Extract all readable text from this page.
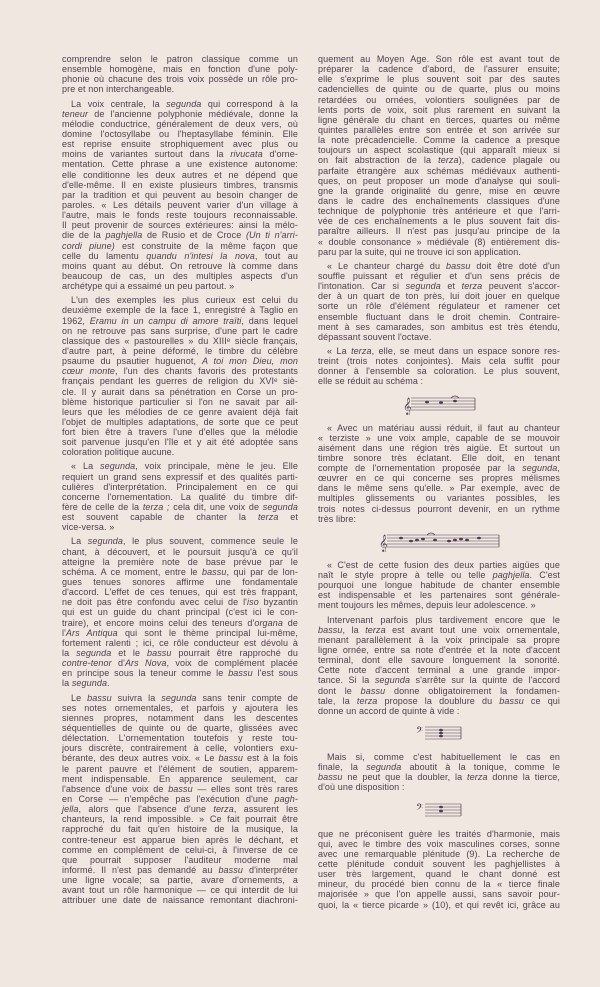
comprendre selon le patron classique comme un
ensemble homogène, mais en fonction d'une poly-
phonie où chacune des trois voix possède un rôle pro-
pre et non interchangeable.
La voix centrale, la segunda qui correspond à la
teneur de l'ancienne polyphonie médiévale, donne la
mélodie conductrice, généralement de deux vers, où
domine l'octosyllabe ou l'heptasyllabe féminin. Elle
est reprise ensuite strophiquement avec plus ou
moins de variantes surtout dans la rivucata d'orne-
mentation. Cette phrase a une existence autonome:
elle conditionne les deux autres et ne dépend que
d'elle-même. Il en existe plusieurs timbres, transmis
par la tradition et qui peuvent au besoin changer de
paroles. « Les détails peuvent varier d'un village à
l'autre, mais le fonds reste toujours reconnaissable.
Il peut provenir de sources extérieures: ainsi la mélo-
die de la paghjella de Rusio et de Croce (Un ti n'arri-
cordi piune) est construite de la même façon que
celle du lamentu quandu n'intesi la nova, tout au
moins quant au début. On retrouve là comme dans
beaucoup de cas, un des multiples aspects d'un
archétype qui a essaimé un peu partout. »
L'un des exemples les plus curieux est celui du
deuxième exemple de la face 1, enregistré à Taglio en
1962, Eramu in un campu di amore traïti, dans lequel
on ne retrouve pas sans surprise, d'une part le cadre
classique des « pastourelles » du XIIIᵉ siècle français,
d'autre part, à peine déformé, le timbre du célèbre
psaume du psautier huguenot, A toi mon Dieu, mon
cœur monte, l'un des chants favoris des protestants
français pendant les guerres de religion du XVIᵉ siè-
cle. Il y aurait dans sa pénétration en Corse un pro-
blème historique particulier si l'on ne savait par ail-
leurs que les mélodies de ce genre avaient déjà fait
l'objet de multiples adaptations, de sorte que ce peut
fort bien être à travers l'une d'elles que la mélodie
soit parvenue jusqu'en l'île et y ait été adoptée sans
coloration politique aucune.
« La segunda, voix principale, mène le jeu. Elle
requiert un grand sens expressif et des qualités parti-
culières d'interprétation. Principalement en ce qui
concerne l'ornementation. La qualité du timbre dif-
fère de celle de la terza ; cela dit, une voix de segunda
est souvent capable de chanter la terza et
vice-versa. »
La segunda, le plus souvent, commence seule le
chant, à découvert, et le poursuit jusqu'à ce qu'il
atteigne la première note de base prévue par le
schéma. A ce moment, entre le bassu, qui par de lon-
gues tenues sonores affirme une fondamentale
d'accord. L'effet de ces tenues, qui est très frappant,
ne doit pas être confondu avec celui de l'iso byzantin
qui est un guide du chant principal (c'est ici le con-
traire), et encore moins celui des teneurs d'organa de
l'Ars Antiqua qui sont le thème principal lui-même,
fortement ralenti ; ici, ce rôle conducteur est dévolu à
la segunda et le bassu pourrait être rapproché du
contre-tenor d'Ars Nova, voix de complément placée
en principe sous la teneur comme le bassu l'est sous
la segunda.
Le bassu suivra la segunda sans tenir compte de
ses notes ornementales, et parfois y ajoutera les
siennes propres, notamment dans les descentes
séquentielles de quinte ou de quarte, glissées avec
délectation. L'ornementation toutefois y reste tou-
jours discrète, contrairement à celle, volontiers exu-
bérante, des deux autres voix. « Le bassu est à la fois
le parent pauvre et l'élément de soutien, apparem-
ment indispensable. En apparence seulement, car
l'absence d'une voix de bassu — elles sont très rares
en Corse — n'empêche pas l'exécution d'une pagh-
jella, alors que l'absence d'une terza, assurent les
chanteurs, la rend impossible. » Ce fait pourrait être
rapproché du fait qu'en histoire de la musique, la
contre-teneur est apparue bien après le déchant, et
comme en complément de celui-ci, à l'inverse de ce
que pourrait supposer l'auditeur moderne mal
informé. Il n'est pas demandé au bassu d'interpréter
une ligne vocale; sa partie, avare d'ornements, a
avant tout un rôle harmonique — ce qui interdit de lui
attribuer une date de naissance remontant diachroni-
quement au Moyen Age. Son rôle est avant tout de
préparer la cadence d'abord, de l'assurer ensuite;
elle s'exprime le plus souvent soit par des sautes
cadencielles de quinte ou de quarte, plus ou moins
retardées ou ornées, volontiers soulignées par de
lents ports de voix, soit plus rarement en suivant la
ligne générale du chant en tierces, quartes ou même
quintes parallèles entre son entrée et son arrivée sur
la note précadencielle. Comme la cadence a presque
toujours un aspect scolastique (qui apparaît mieux si
on fait abstraction de la terza), cadence plagale ou
parfaite étrangère aux schémas médiévaux authenti-
ques, on peut proposer un mode d'analyse qui souli-
gne la grande originalité du genre, mise en œuvre
dans le cadre des enchaînements classiques d'une
technique de polyphonie très antérieure et que l'arri-
vée de ces enchaînements a le plus souvent fait dis-
paraître ailleurs. Il n'est pas jusqu'au principe de la
« double consonance » médiévale (8) entièrement dis-
paru par la suite, qui ne trouve ici son application.
« Le chanteur chargé du bassu doit être doté d'un
souffle puissant et régulier et d'un sens précis de
l'intonation. Car si segunda et terza peuvent s'accor-
der à un quart de ton près, lui doit jouer en quelque
sorte un rôle d'élément régulateur et ramener cet
ensemble fluctuant dans le droit chemin. Contraire-
ment à ses camarades, son ambitus est très étendu,
dépassant souvent l'octave.
« La terza, elle, se meut dans un espace sonore res-
treint (trois notes conjointes). Mais cela suffit pour
donner à l'ensemble sa coloration. Le plus souvent,
elle se réduit au schéma :
𝄞
« Avec un matériau aussi réduit, il faut au chanteur
« terziste » une voix ample, capable de se mouvoir
aisément dans une région très aigüe. Et surtout un
timbre sonore très éclatant. Elle doit, en tenant
compte de l'ornementation proposée par la segunda,
œuvrer en ce qui concerne ses propres mélismes
dans le même sens qu'elle. » Par exemple, avec de
multiples glissements ou variantes possibles, les
trois notes ci-dessus pourront devenir, en un rythme
très libre:
𝄞
« C'est de cette fusion des deux parties aigües que
naît le style propre à telle ou telle paghjella. C'est
pourquoi une longue habitude de chanter ensemble
est indispensable et les partenaires sont générale-
ment toujours les mêmes, depuis leur adolescence. »
Intervenant parfois plus tardivement encore que le
bassu, la terza est avant tout une voix ornementale,
menant parallèlement à la voix principale sa propre
ligne ornée, entre sa note d'entrée et la note d'accent
terminal, dont elle savoure longuement la sonorité.
Cette note d'accent terminal a une grande impor-
tance. Si la segunda s'arrête sur la quinte de l'accord
dont le bassu donne obligatoirement la fondamen-
tale, la terza propose la doublure du bassu ce qui
donne un accord de quinte à vide :
𝄢
Mais si, comme c'est habituellement le cas en
finale, la segunda aboutit à la tonique, comme le
bassu ne peut que la doubler, la terza donne la tierce,
d'où une disposition :
𝄢
que ne préconisent guère les traités d'harmonie, mais
qui, avec le timbre des voix masculines corses, sonne
avec une remarquable plénitude (9). La recherche de
cette plénitude conduit souvent les paghjellistes à
user très largement, quand le chant donné est
mineur, du procédé bien connu de la « tierce finale
majorisée » que l'on appelle aussi, sans savoir pour-
quoi, la « tierce picarde » (10), et qui revêt ici, grâce au
